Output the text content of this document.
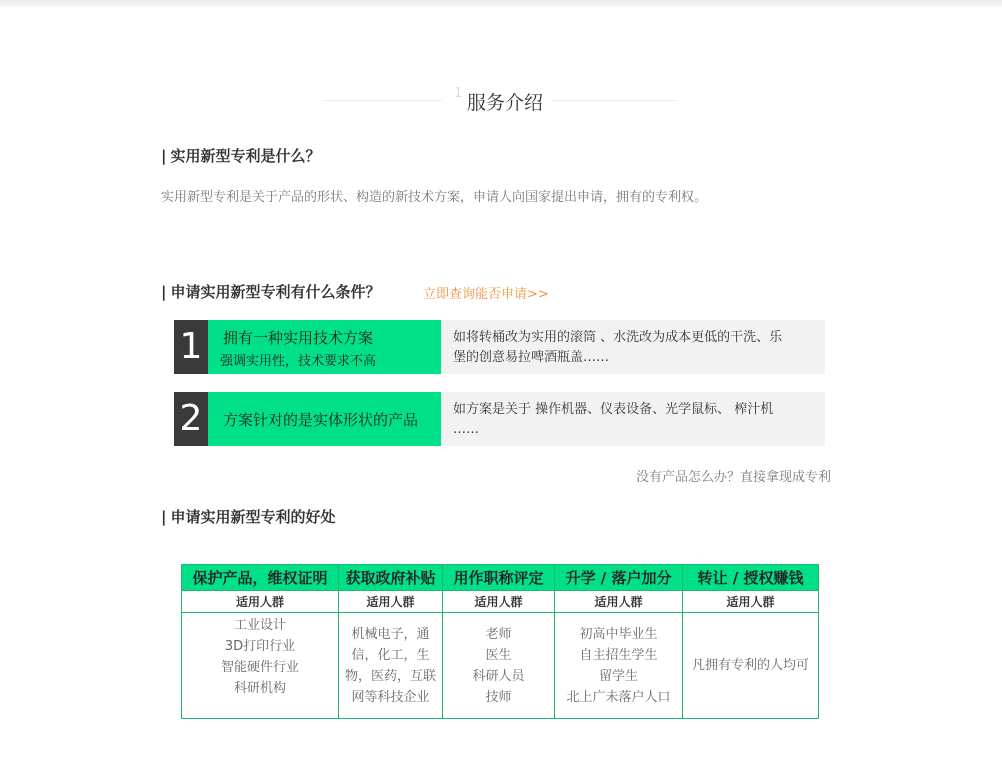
1 服务介绍
| 实用新型专利是什么？
实用新型专利是关于产品的形状、构造的新技术方案，申请人向国家提出申请，拥有的专利权。
| 申请实用新型专利有什么条件？	立即查询能否申请>>
1	拥有一种实用技术方案
强调实用性，技术要求不高
如将转桶改为实用的滚筒 、水洗改为成本更低的干洗、乐堡的创意易拉啤酒瓶盖……
2	方案针对的是实体形状的产品
如方案是关于 操作机器、仪表设备、光学鼠标、 榨汁机 ……
没有产品怎么办？直接拿现成专利
| 申请实用新型专利的好处
保护产品，维权证明	获取政府补贴	用作职称评定	升学 / 落户加分	转让 / 授权赚钱
适用人群	适用人群	适用人群	适用人群	适用人群

工业设计
3D打印行业
智能硬件行业
科研机构	机械电子，通
信，化工，生
物，医药，互联
网等科技企业	老师
医生
科研人员
技师	初高中毕业生
自主招生学生
留学生
北上广未落户人口	凡拥有专利的人均可
